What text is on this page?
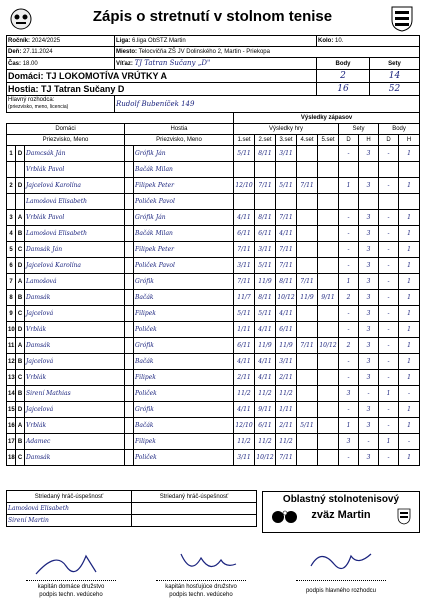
Zápis o stretnutí v stolnom tenise
Ročník: 2024/2025	Liga: 6.liga ObSTZ Martin	Kolo: 10.	
Deň: 27.11.2024	Miesto: Telocvičňa ZŠ JV Dolinského 2, Martin - Priekopa		
Čas: 18.00	Víťaz: TJ Tatran Sučany „D"	Body	Sety
Domáci: TJ LOKOMOTÍVA VRÚTKY A		2	14
Hostia: TJ Tatran Sučany D		16	52
Hlavný rozhodca:
(priezvisko, meno, licencia)	Rudolf Bubeníček 149		
					Výsledky zápasov								
Domáci			Hostia		Výsledky hry					Sety		Body	
Priezvisko, Meno			Priezvisko, Meno		1.set	2.set	3.set	4.set	5.set	D	H	D	H
1	D	Damcsák Ján		Grófik Ján	5/11	8/11	3/11			-	3	-	1
		Vrblák Pavol		Bačák Milan									
2	D	Jajcelová Karolína		Filipek Peter	12/10	7/11	5/11	7/11		1	3	-	1
		Lamošová Elisabeth		Poliček Pavol									
3	A	Vrblák Pavol		Grófik Ján	4/11	8/11	7/11			-	3	-	1
4	B	Lamošová Elisabeth		Bačák Milan	6/11	6/11	4/11			-	3	-	1
5	C	Damsák Ján		Filipek Peter	7/11	3/11	7/11			-	3	-	1
6	D	Jajcelová Karolína		Poliček Pavol	3/11	5/11	7/11			-	3	-	1
7	A	Lamošová		Grófik	7/11	11/9	8/11	7/11		1	3	-	1
8	B	Damsák		Bačák	11/7	8/11	10/12	11/9	9/11	2	3	-	1
9	C	Jajcelová		Filipek	5/11	5/11	4/11			-	3	-	1
10	D	Vrblák		Poliček	1/11	4/11	6/11			-	3	-	1
11	A	Damsák		Grófik	6/11	11/9	11/9	7/11	10/12	2	3	-	1
12	B	Jajcelová		Bačák	4/11	4/11	3/11			-	3	-	1
13	C	Vrblák		Filipek	2/11	4/11	2/11			-	3	-	1
14	B	Sirení Mathias		Poliček	11/2	11/2	11/2			3	-	1	-
15	D	Jajcelová		Grófik	4/11	9/11	1/11			-	3	-	1
16	A	Vrblák		Bačák	12/10	6/11	2/11	5/11		1	3	-	1
17	B	Adamec		Filipek	11/2	11/2	11/2			3	-	1	-
18	C	Damsák		Poliček	3/11	10/12	7/11			-	3	-	1
Striedaný hráč-úspešnosť	Striedaný hráč-úspešnosť
Lamošová Elisabeth	
Sirení Martin	
Oblastný stolnotenisový
zväz Martin
kapitán domáce družstvo
podpis techn. vedúceho
kapitán hosťujúce družstvo
podpis techn. vedúceho
podpis hlavného rozhodcu
